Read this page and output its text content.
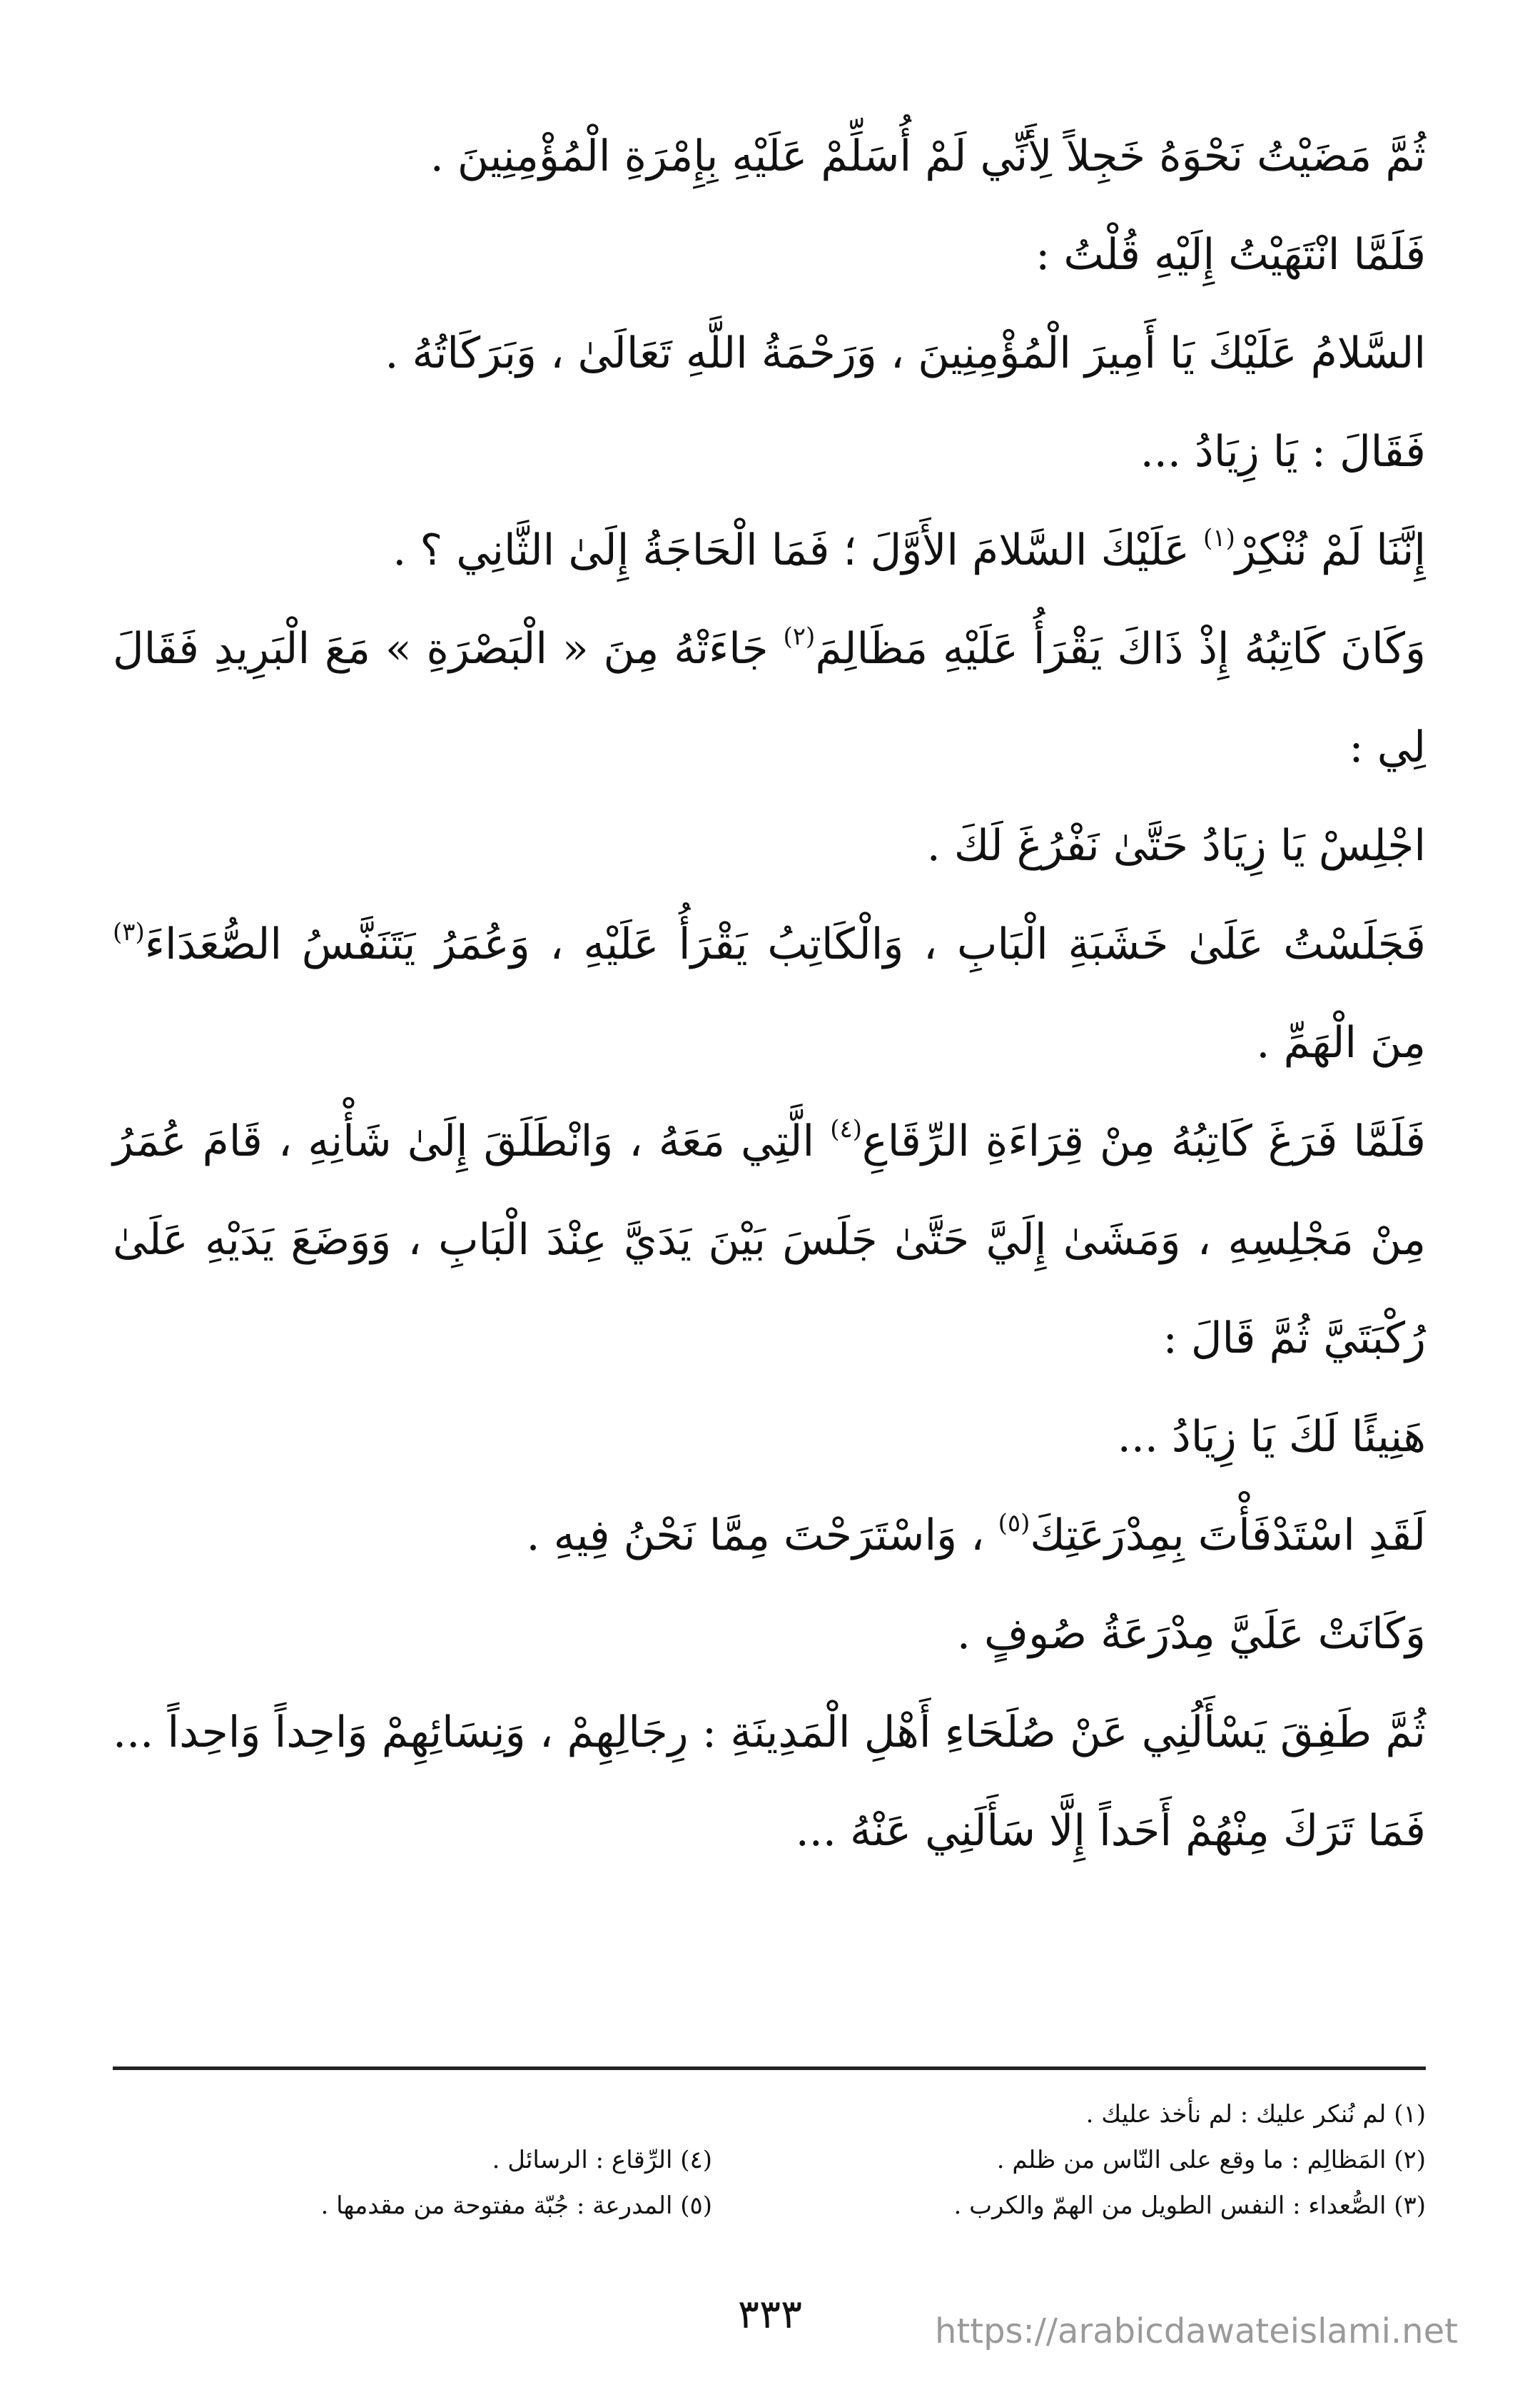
ثُمَّ مَضَيْتُ نَحْوَهُ خَجِلاً لِأَنِّي لَمْ أُسَلِّمْ عَلَيْهِ بِإِمْرَةِ الْمُؤْمِنِينَ .

فَلَمَّا انْتَهَيْتُ إِلَيْهِ قُلْتُ :

السَّلامُ عَلَيْكَ يَا أَمِيرَ الْمُؤْمِنِينَ ، وَرَحْمَةُ اللَّهِ تَعَالَىٰ ، وَبَرَكَاتُهُ .

فَقَالَ : يَا زِيَادُ ...

إِنَّنَا لَمْ نُنْكِرْ$^{(١)}$ عَلَيْكَ السَّلامَ الأَوَّلَ ؛ فَمَا الْحَاجَةُ إِلَىٰ الثَّانِي ؟ .

وَكَانَ كَاتِبُهُ إِذْ ذَاكَ يَقْرَأُ عَلَيْهِ مَظَالِمَ$^{(٢)}$ جَاءَتْهُ مِنَ « الْبَصْرَةِ » مَعَ الْبَرِيدِ فَقَالَ لِي :

اجْلِسْ يَا زِيَادُ حَتَّىٰ نَفْرُغَ لَكَ .

فَجَلَسْتُ عَلَىٰ خَشَبَةِ الْبَابِ ، وَالْكَاتِبُ يَقْرَأُ عَلَيْهِ ، وَعُمَرُ يَتَنَفَّسُ الصُّعَدَاءَ$^{(٣)}$ مِنَ الْهَمِّ .

فَلَمَّا فَرَغَ كَاتِبُهُ مِنْ قِرَاءَةِ الرِّقَاعِ$^{(٤)}$ الَّتِي مَعَهُ ، وَانْطَلَقَ إِلَىٰ شَأْنِهِ ، قَامَ عُمَرُ مِنْ مَجْلِسِهِ ، وَمَشَىٰ إِلَيَّ حَتَّىٰ جَلَسَ بَيْنَ يَدَيَّ عِنْدَ الْبَابِ ، وَوَضَعَ يَدَيْهِ عَلَىٰ رُكْبَتَيَّ ثُمَّ قَالَ :

هَنِيئًا لَكَ يَا زِيَادُ ...

لَقَدِ اسْتَدْفَأْتَ بِمِدْرَعَتِكَ$^{(٥)}$ ، وَاسْتَرَحْتَ مِمَّا نَحْنُ فِيهِ .

وَكَانَتْ عَلَيَّ مِدْرَعَةُ صُوفٍ .

ثُمَّ طَفِقَ يَسْأَلُنِي عَنْ صُلَحَاءِ أَهْلِ الْمَدِينَةِ : رِجَالِهِمْ ، وَنِسَائِهِمْ وَاحِداً وَاحِداً ... فَمَا تَرَكَ مِنْهُمْ أَحَداً إِلَّا سَأَلَنِي عَنْهُ ...

(١) لم نُنكر عليك : لم نأخذ عليك .
(٢) المَظالِم : ما وقع على النّاس من ظلم .
(٤) الرِّقاع : الرسائل .
(٣) الصُّعداء : النفس الطويل من الهمّ والكرب .
(٥) المدرعة : جُبّة مفتوحة من مقدمها .
٣٣٣	https://arabicdawateislami.net
